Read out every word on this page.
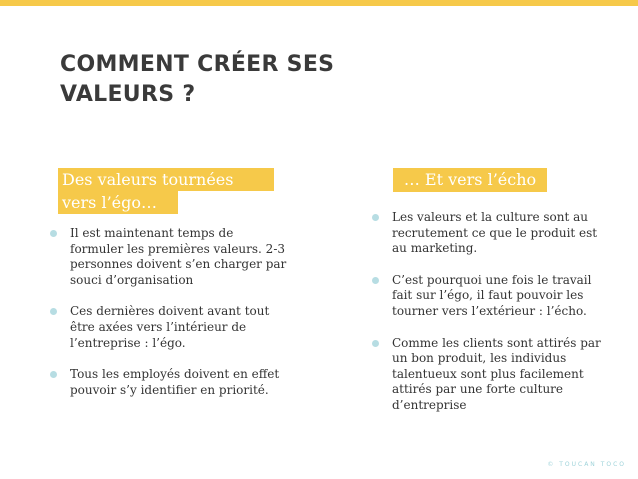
COMMENT CRÉER SES
VALEURS ?
Des valeurs tournées
vers l’égo…
… Et vers l’écho
Il est maintenant temps de formuler les premières valeurs. 2-3 personnes doivent s’en charger par souci d’organisation
Ces dernières doivent avant tout être axées vers l’intérieur de l’entreprise : l’égo.
Tous les employés doivent en effet pouvoir s’y identifier en priorité.
Les valeurs et la culture sont au recrutement ce que le produit est au marketing.
C’est pourquoi une fois le travail fait sur l’égo, il faut pouvoir les tourner vers l’extérieur : l’écho.
Comme les clients sont attirés par un bon produit, les individus talentueux sont plus facilement attirés par une forte culture d’entreprise
© TOUCAN TOCO
